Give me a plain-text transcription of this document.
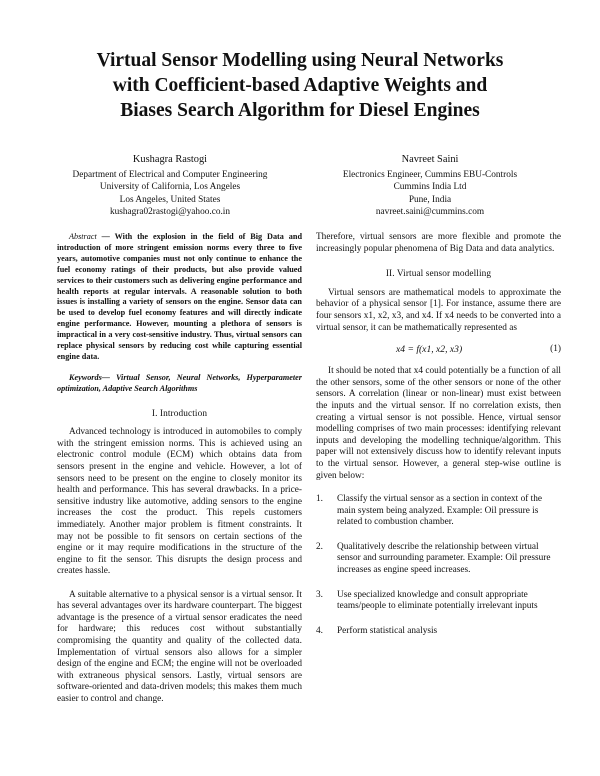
Virtual Sensor Modelling using Neural Networks
with Coefficient-based Adaptive Weights and
Biases Search Algorithm for Diesel Engines
Kushagra Rastogi
Department of Electrical and Computer Engineering
University of California, Los Angeles
Los Angeles, United States
kushagra02rastogi@yahoo.co.in
Navreet Saini
Electronics Engineer, Cummins EBU-Controls
Cummins India Ltd
Pune, India
navreet.saini@cummins.com

Abstract — With the explosion in the field of Big Data and introduction of more stringent emission norms every three to five years, automotive companies must not only continue to enhance the fuel economy ratings of their products, but also provide valued services to their customers such as delivering engine performance and health reports at regular intervals. A reasonable solution to both issues is installing a variety of sensors on the engine. Sensor data can be used to develop fuel economy features and will directly indicate engine performance. However, mounting a plethora of sensors is impractical in a very cost-sensitive industry. Thus, virtual sensors can replace physical sensors by reducing cost while capturing essential engine data.

Keywords— Virtual Sensor, Neural Networks, Hyperparameter optimization, Adaptive Search Algorithms

I. Introduction

Advanced technology is introduced in automobiles to comply with the stringent emission norms. This is achieved using an electronic control module (ECM) which obtains data from sensors present in the engine and vehicle. However, a lot of sensors need to be present on the engine to closely monitor its health and performance. This has several drawbacks. In a price-sensitive industry like automotive, adding sensors to the engine increases the cost the product. This repels customers immediately. Another major problem is fitment constraints. It may not be possible to fit sensors on certain sections of the engine or it may require modifications in the structure of the engine to fit the sensor. This disrupts the design process and creates hassle.

A suitable alternative to a physical sensor is a virtual sensor. It has several advantages over its hardware counterpart. The biggest advantage is the presence of a virtual sensor eradicates the need for hardware; this reduces cost without substantially compromising the quantity and quality of the collected data. Implementation of virtual sensors also allows for a simpler design of the engine and ECM; the engine will not be overloaded with extraneous physical sensors. Lastly, virtual sensors are software-oriented and data-driven models; this makes them much easier to control and change.

Therefore, virtual sensors are more flexible and promote the increasingly popular phenomena of Big Data and data analytics.

II. Virtual sensor modelling

Virtual sensors are mathematical models to approximate the behavior of a physical sensor [1]. For instance, assume there are four sensors x1, x2, x3, and x4. If x4 needs to be converted into a virtual sensor, it can be mathematically represented as

x4 = f(x1, x2, x3)	(1)

It should be noted that x4 could potentially be a function of all the other sensors, some of the other sensors or none of the other sensors. A correlation (linear or non-linear) must exist between the inputs and the virtual sensor. If no correlation exists, then creating a virtual sensor is not possible. Hence, virtual sensor modelling comprises of two main processes: identifying relevant inputs and developing the modelling technique/algorithm. This paper will not extensively discuss how to identify relevant inputs to the virtual sensor. However, a general step-wise outline is given below:

1. Classify the virtual sensor as a section in context of the main system being analyzed. Example: Oil pressure is related to combustion chamber.
2. Qualitatively describe the relationship between virtual sensor and surrounding parameter. Example: Oil pressure increases as engine speed increases.
3. Use specialized knowledge and consult appropriate teams/people to eliminate potentially irrelevant inputs
4. Perform statistical analysis
